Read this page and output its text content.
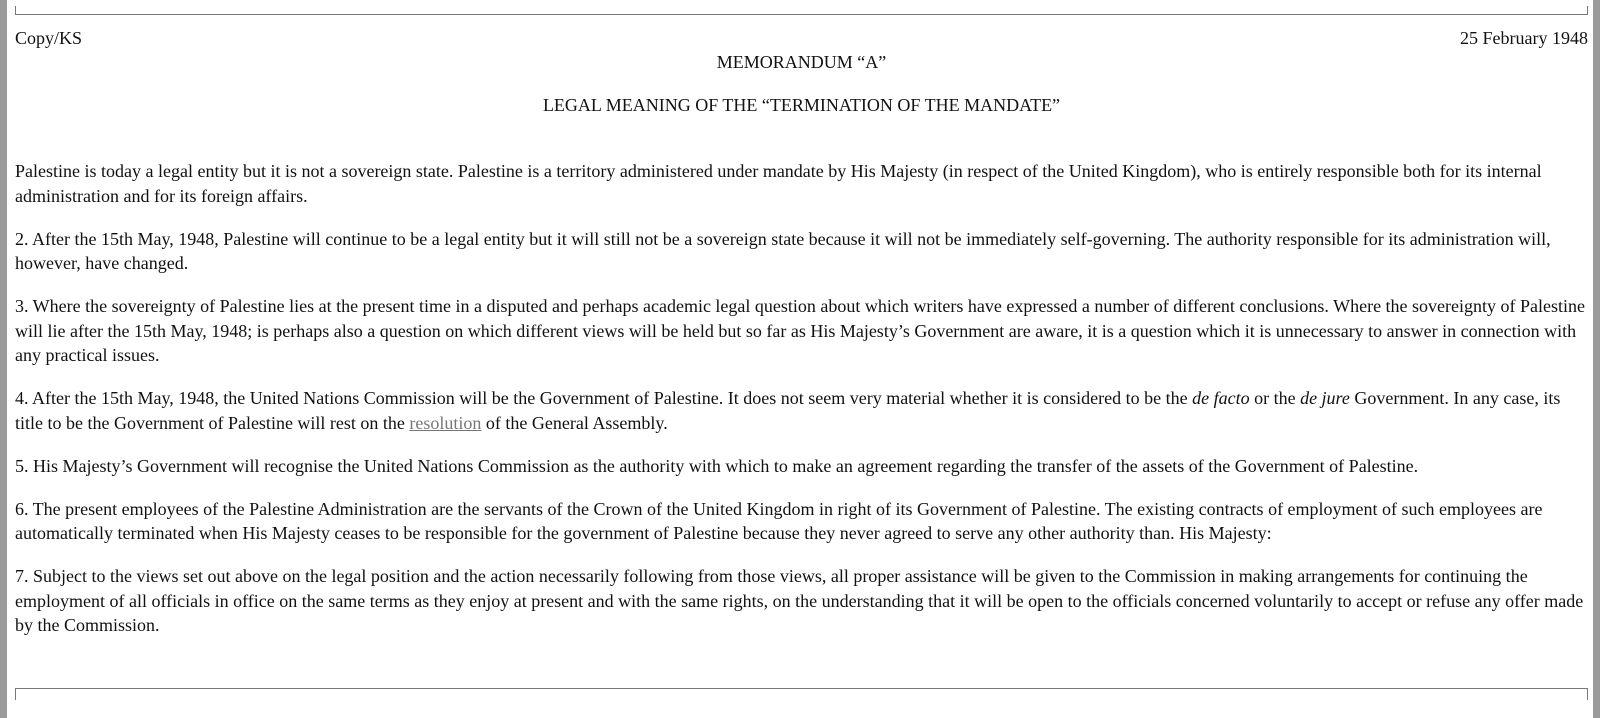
Copy/KS	25 February 1948
MEMORANDUM “A”
LEGAL MEANING OF THE “TERMINATION OF THE MANDATE”

Palestine is today a legal entity but it is not a sovereign state. Palestine is a territory administered under mandate by His Majesty (in respect of the United Kingdom), who is entirely responsible both for its internal administration and for its foreign affairs.

2. After the 15th May, 1948, Palestine will continue to be a legal entity but it will still not be a sovereign state because it will not be immediately self-governing. The authority responsible for its administration will, however, have changed.

3. Where the sovereignty of Palestine lies at the present time in a disputed and perhaps academic legal question about which writers have expressed a number of different conclusions. Where the sovereignty of Palestine will lie after the 15th May, 1948; is perhaps also a question on which different views will be held but so far as His Majesty’s Government are aware, it is a question which it is unnecessary to answer in connection with any practical issues.

4. After the 15th May, 1948, the United Nations Commission will be the Government of Palestine. It does not seem very material whether it is considered to be the de facto or the de jure Government. In any case, its title to be the Government of Palestine will rest on the resolution of the General Assembly.

5. His Majesty’s Government will recognise the United Nations Commission as the authority with which to make an agreement regarding the transfer of the assets of the Government of Palestine.

6. The present employees of the Palestine Administration are the servants of the Crown of the United Kingdom in right of its Government of Palestine. The existing contracts of employment of such employees are automatically terminated when His Majesty ceases to be responsible for the government of Palestine because they never agreed to serve any other authority than. His Majesty:

7. Subject to the views set out above on the legal position and the action necessarily following from those views, all proper assistance will be given to the Commission in making arrangements for continuing the employment of all officials in office on the same terms as they enjoy at present and with the same rights, on the understanding that it will be open to the officials concerned voluntarily to accept or refuse any offer made by the Commission.
